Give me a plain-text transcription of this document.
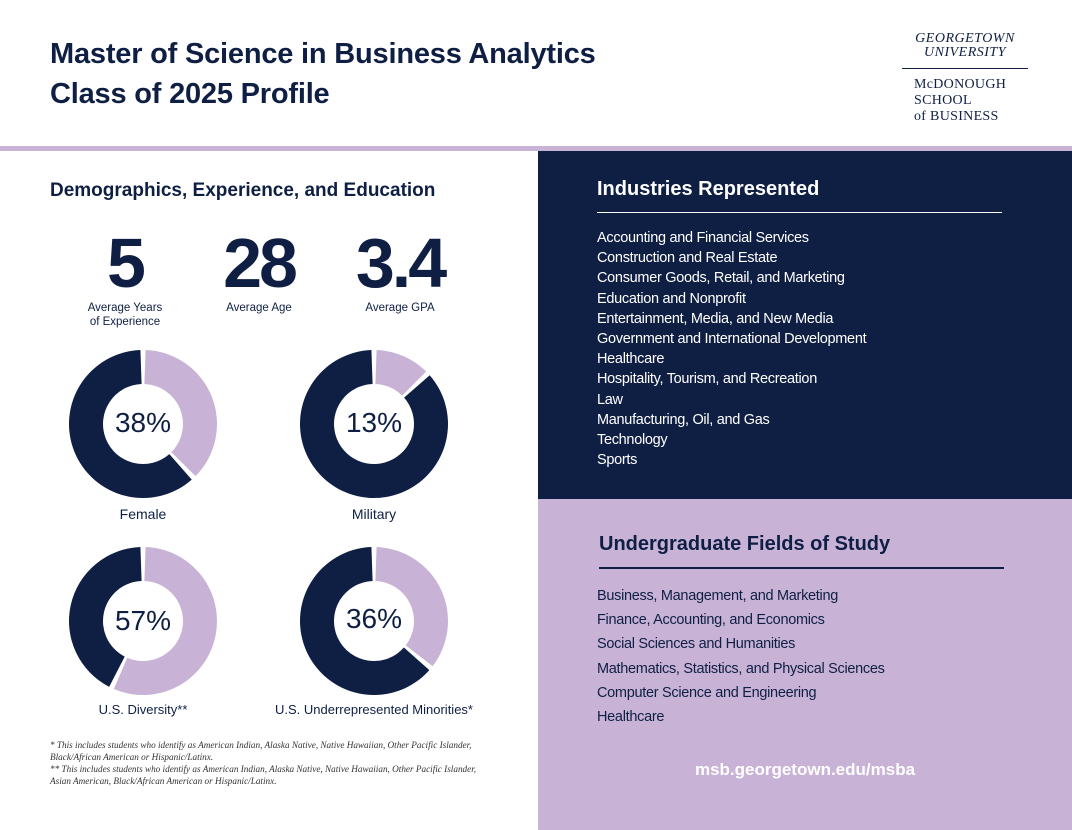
Master of Science in Business Analytics
Class of 2025 Profile
GEORGETOWN
UNIVERSITY
McDONOUGH
SCHOOL
of BUSINESS
Demographics, Experience, and Education
5
Average Years
of Experience
28
Average Age
3.4
Average GPA
38%
Female
13%
Military
57%
U.S. Diversity**
36%
U.S. Underrepresented Minorities*
* This includes students who identify as American Indian, Alaska Native, Native Hawaiian, Other Pacific Islander, Black/African American or Hispanic/Latinx.
** This includes students who identify as American Indian, Alaska Native, Native Hawaiian, Other Pacific Islander, Asian American, Black/African American or Hispanic/Latinx.
Industries Represented
Accounting and Financial Services
Construction and Real Estate
Consumer Goods, Retail, and Marketing
Education and Nonprofit
Entertainment, Media, and New Media
Government and International Development
Healthcare
Hospitality, Tourism, and Recreation
Law
Manufacturing, Oil, and Gas
Technology
Sports
Undergraduate Fields of Study
Business, Management, and Marketing
Finance, Accounting, and Economics
Social Sciences and Humanities
Mathematics, Statistics, and Physical Sciences
Computer Science and Engineering
Healthcare
msb.georgetown.edu/msba
